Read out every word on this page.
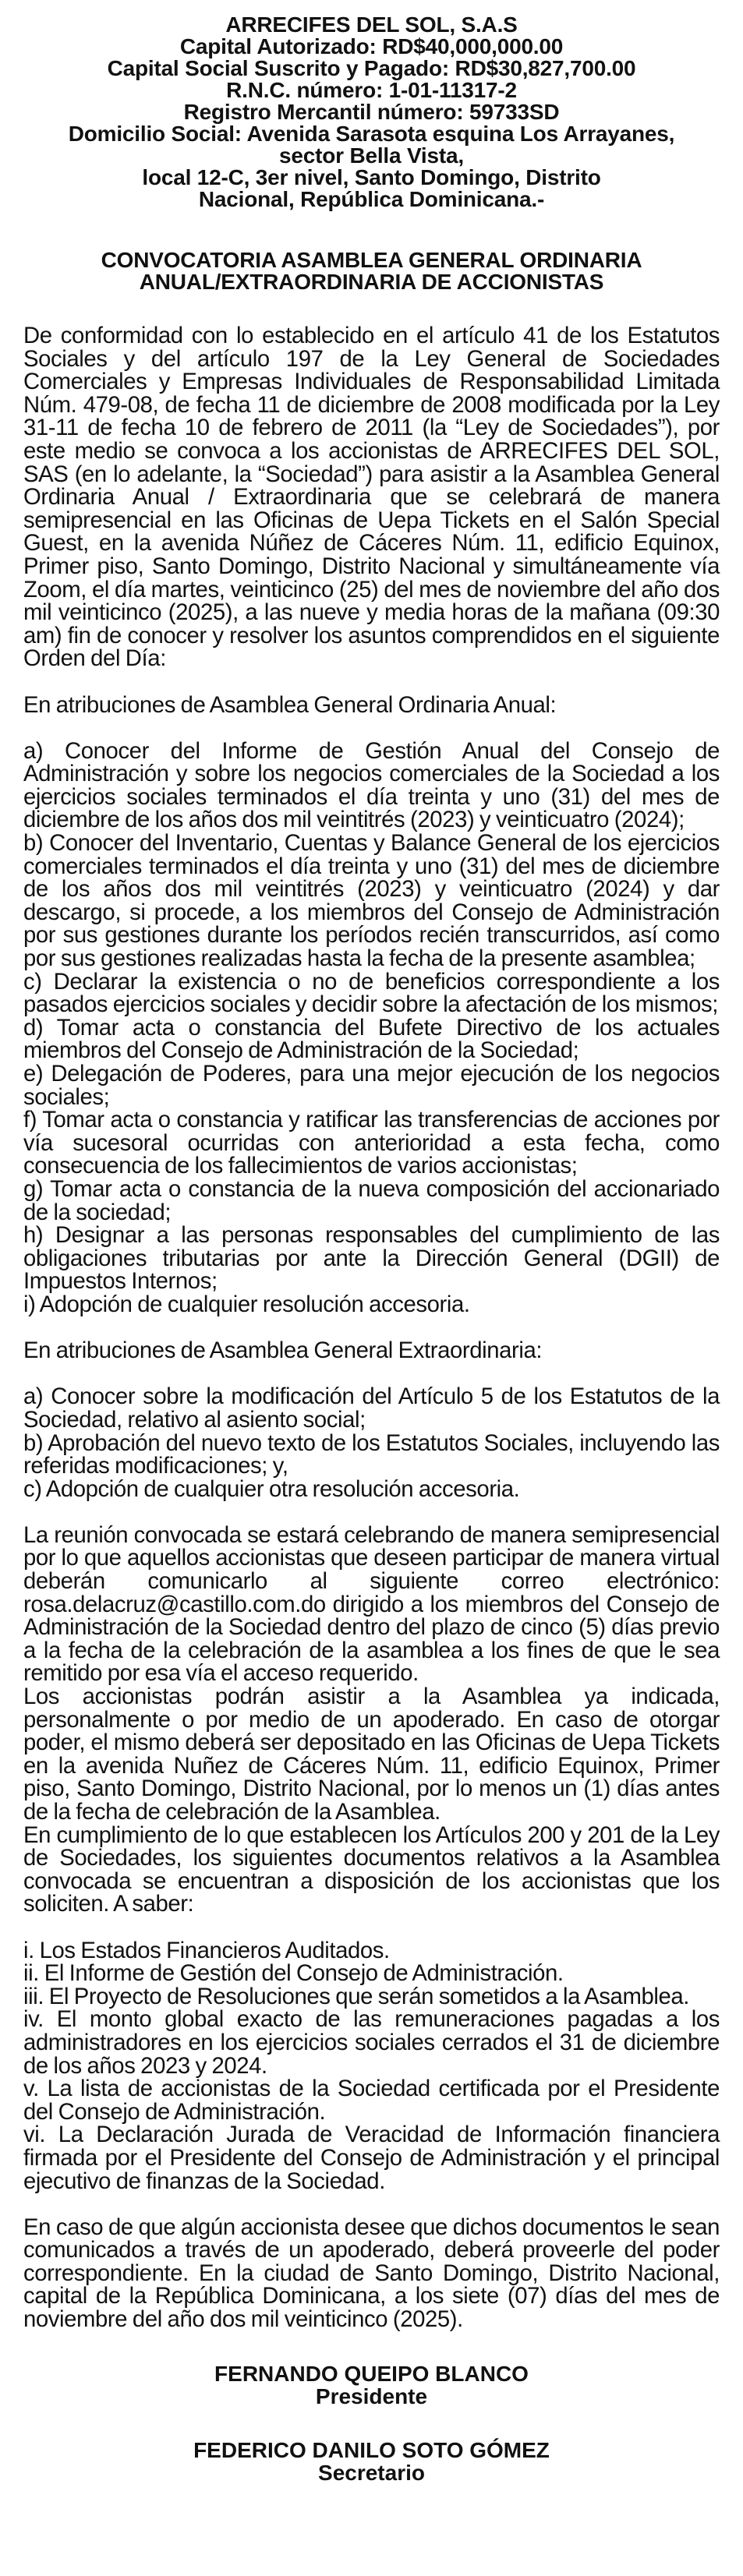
ARRECIFES DEL SOL, S.A.S
Capital Autorizado: RD$40,000,000.00
Capital Social Suscrito y Pagado: RD$30,827,700.00
R.N.C. número: 1-01-11317-2
Registro Mercantil número: 59733SD
Domicilio Social: Avenida Sarasota esquina Los Arrayanes,
sector Bella Vista,
local 12-C, 3er nivel, Santo Domingo, Distrito
Nacional, República Dominicana.-
CONVOCATORIA ASAMBLEA GENERAL ORDINARIA
ANUAL/EXTRAORDINARIA DE ACCIONISTAS

De conformidad con lo establecido en el artículo 41 de los Estatutos Sociales y del artículo 197 de la Ley General de Sociedades Comerciales y Empresas Individuales de Responsabilidad Limitada Núm. 479-08, de fecha 11 de diciembre de 2008 modificada por la Ley 31-11 de fecha 10 de febrero de 2011 (la “Ley de Sociedades”), por este medio se convoca a los accionistas de ARRECIFES DEL SOL, SAS (en lo adelante, la “Sociedad”) para asistir a la Asamblea General Ordinaria Anual / Extraordinaria que se celebrará de manera semipresencial en las Oficinas de Uepa Tickets en el Salón Special Guest, en la avenida Núñez de Cáceres Núm. 11, edificio Equinox, Primer piso, Santo Domingo, Distrito Nacional y simultáneamente vía Zoom, el día martes, veinticinco (25) del mes de noviembre del año dos mil veinticinco (2025), a las nueve y media horas de la mañana (09:30 am) fin de conocer y resolver los asuntos comprendidos en el siguiente Orden del Día:

En atribuciones de Asamblea General Ordinaria Anual:

a) Conocer del Informe de Gestión Anual del Consejo de Administración y sobre los negocios comerciales de la Sociedad a los ejercicios sociales terminados el día treinta y uno (31) del mes de diciembre de los años dos mil veintitrés (2023) y veinticuatro (2024);

b) Conocer del Inventario, Cuentas y Balance General de los ejercicios comerciales terminados el día treinta y uno (31) del mes de diciembre de los años dos mil veintitrés (2023) y veinticuatro (2024) y dar descargo, si procede, a los miembros del Consejo de Administración por sus gestiones durante los períodos recién transcurridos, así como por sus gestiones realizadas hasta la fecha de la presente asamblea;

c) Declarar la existencia o no de beneficios correspondiente a los pasados ejercicios sociales y decidir sobre la afectación de los mismos;

d) Tomar acta o constancia del Bufete Directivo de los actuales miembros del Consejo de Administración de la Sociedad;

e) Delegación de Poderes, para una mejor ejecución de los negocios sociales;

f) Tomar acta o constancia y ratificar las transferencias de acciones por vía sucesoral ocurridas con anterioridad a esta fecha, como consecuencia de los fallecimientos de varios accionistas;

g) Tomar acta o constancia de la nueva composición del accionariado de la sociedad;

h) Designar a las personas responsables del cumplimiento de las obligaciones tributarias por ante la Dirección General (DGII) de Impuestos Internos;

i) Adopción de cualquier resolución accesoria.

En atribuciones de Asamblea General Extraordinaria:

a) Conocer sobre la modificación del Artículo 5 de los Estatutos de la Sociedad, relativo al asiento social;

b) Aprobación del nuevo texto de los Estatutos Sociales, incluyendo las referidas modificaciones; y,

c) Adopción de cualquier otra resolución accesoria.

La reunión convocada se estará celebrando de manera semipresencial por lo que aquellos accionistas que deseen participar de manera virtual deberán comunicarlo al siguiente correo electrónico: rosa.delacruz@castillo.com.do dirigido a los miembros del Consejo de Administración de la Sociedad dentro del plazo de cinco (5) días previo a la fecha de la celebración de la asamblea a los fines de que le sea remitido por esa vía el acceso requerido.

Los accionistas podrán asistir a la Asamblea ya indicada, personalmente o por medio de un apoderado. En caso de otorgar poder, el mismo deberá ser depositado en las Oficinas de Uepa Tickets en la avenida Nuñez de Cáceres Núm. 11, edificio Equinox, Primer piso, Santo Domingo, Distrito Nacional, por lo menos un (1) días antes de la fecha de celebración de la Asamblea.

En cumplimiento de lo que establecen los Artículos 200 y 201 de la Ley de Sociedades, los siguientes documentos relativos a la Asamblea convocada se encuentran a disposición de los accionistas que los soliciten. A saber:

i. Los Estados Financieros Auditados.

ii. El Informe de Gestión del Consejo de Administración.

iii. El Proyecto de Resoluciones que serán sometidos a la Asamblea.

iv. El monto global exacto de las remuneraciones pagadas a los administradores en los ejercicios sociales cerrados el 31 de diciembre de los años 2023 y 2024.

v. La lista de accionistas de la Sociedad certificada por el Presidente del Consejo de Administración.

vi. La Declaración Jurada de Veracidad de Información financiera firmada por el Presidente del Consejo de Administración y el principal ejecutivo de finanzas de la Sociedad.

En caso de que algún accionista desee que dichos documentos le sean comunicados a través de un apoderado, deberá proveerle del poder correspondiente. En la ciudad de Santo Domingo, Distrito Nacional, capital de la República Dominicana, a los siete (07) días del mes de noviembre del año dos mil veinticinco (2025).

FERNANDO QUEIPO BLANCO
Presidente
FEDERICO DANILO SOTO GÓMEZ
Secretario
